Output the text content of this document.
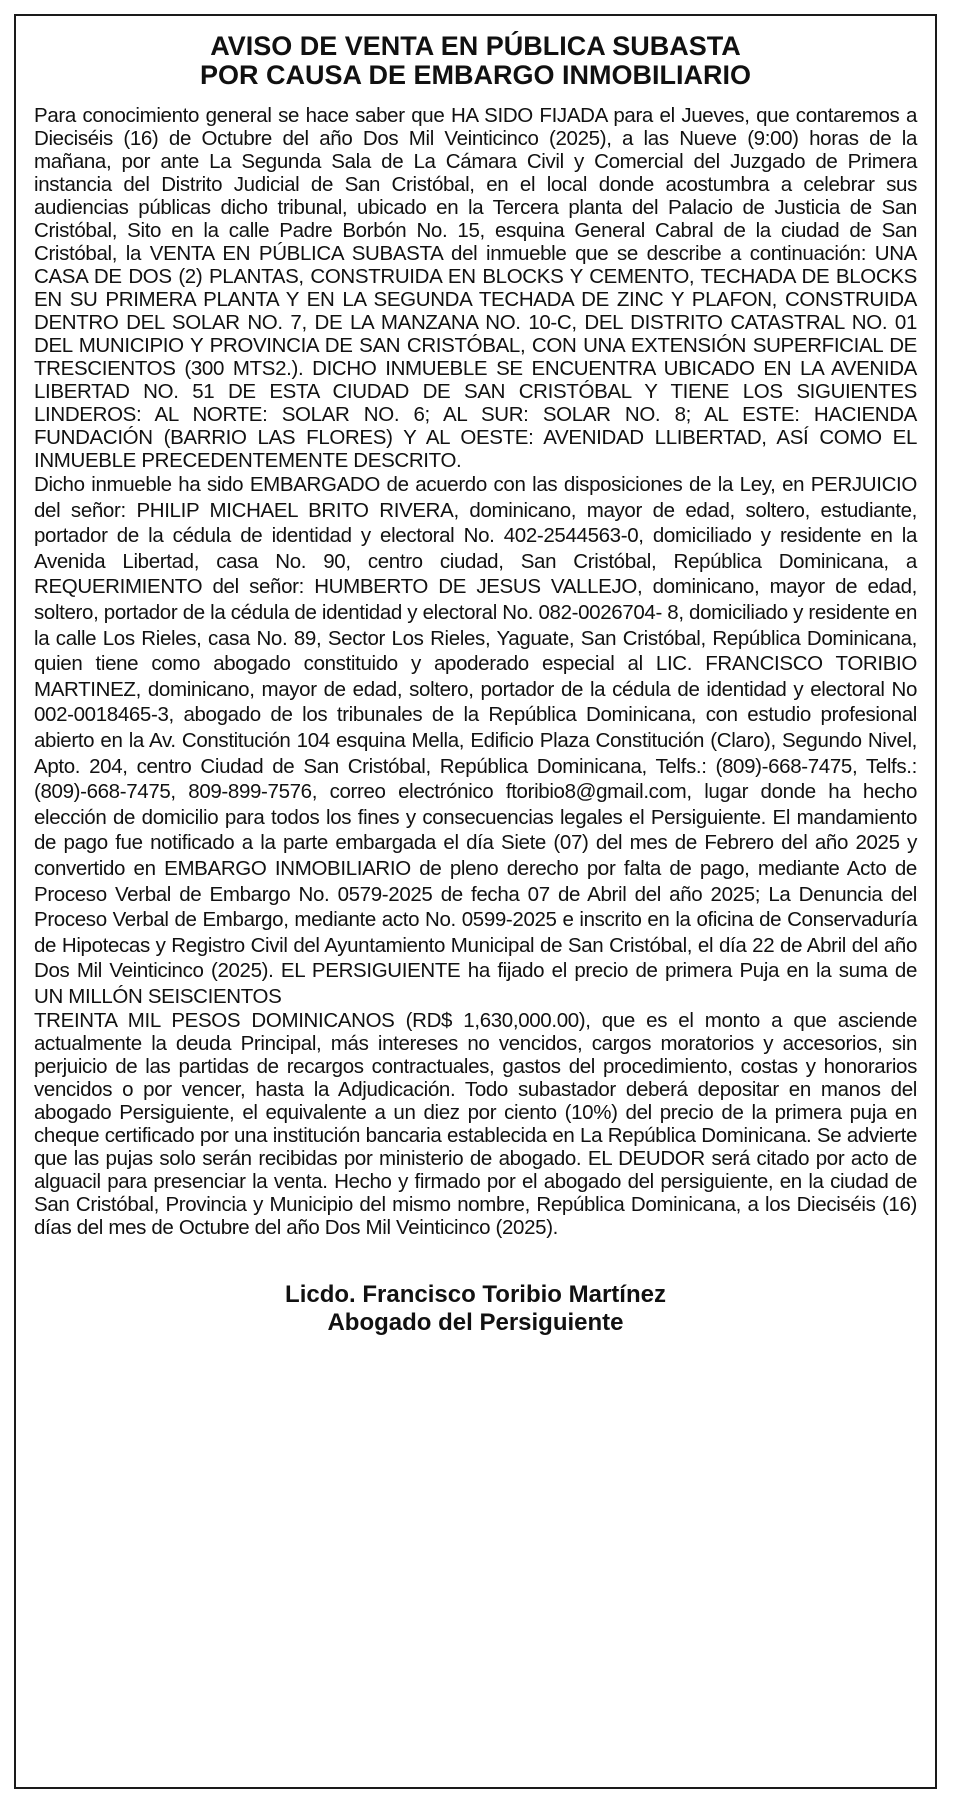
AVISO DE VENTA EN PÚBLICA SUBASTA
POR CAUSA DE EMBARGO INMOBILIARIO

Para conocimiento general se hace saber que HA SIDO FIJADA para el Jueves, que contaremos a Dieciséis (16) de Octubre del año Dos Mil Veinticinco (2025), a las Nueve (9:00) horas de la mañana, por ante La Segunda Sala de La Cámara Civil y Comercial del Juzgado de Primera instancia del Distrito Judicial de San Cristóbal, en el local donde acostumbra a celebrar sus audiencias públicas dicho tribunal, ubicado en la Tercera planta del Palacio de Justicia de San Cristóbal, Sito en la calle Padre Borbón No. 15, esquina General Cabral de la ciudad de San Cristóbal, la VENTA EN PÚBLICA SUBASTA del inmueble que se describe a continuación: UNA CASA DE DOS (2) PLANTAS, CONSTRUIDA EN BLOCKS Y CEMENTO, TECHADA DE BLOCKS EN SU PRIMERA PLANTA Y EN LA SEGUNDA TECHADA DE ZINC Y PLAFON, CONSTRUIDA DENTRO DEL SOLAR NO. 7, DE LA MANZANA NO. 10-C, DEL DISTRITO CATASTRAL NO. 01 DEL MUNICIPIO Y PROVINCIA DE SAN CRISTÓBAL, CON UNA EXTENSIÓN SUPERFICIAL DE TRESCIENTOS (300 MTS2.). DICHO INMUEBLE SE ENCUENTRA UBICADO EN LA AVENIDA LIBERTAD NO. 51 DE ESTA CIUDAD DE SAN CRISTÓBAL Y TIENE LOS SIGUIENTES LINDEROS: AL NORTE: SOLAR NO. 6; AL SUR: SOLAR NO. 8; AL ESTE: HACIENDA FUNDACIÓN (BARRIO LAS FLORES) Y AL OESTE: AVENIDAD LLIBERTAD, ASÍ COMO EL INMUEBLE PRECEDENTEMENTE DESCRITO.

Dicho inmueble ha sido EMBARGADO de acuerdo con las disposiciones de la Ley, en PERJUICIO del señor: PHILIP MICHAEL BRITO RIVERA, dominicano, mayor de edad, soltero, estudiante, portador de la cédula de identidad y electoral No. 402-2544563-0, domiciliado y residente en la Avenida Libertad, casa No. 90, centro ciudad, San Cristóbal, República Dominicana, a REQUERIMIENTO del señor: HUMBERTO DE JESUS VALLEJO, dominicano, mayor de edad, soltero, portador de la cédula de identidad y electoral No. 082-0026704- 8, domiciliado y residente en la calle Los Rieles, casa No. 89, Sector Los Rieles, Yaguate, San Cristóbal, República Dominicana, quien tiene como abogado constituido y apoderado especial al LIC. FRANCISCO TORIBIO MARTINEZ, dominicano, mayor de edad, soltero, portador de la cédula de identidad y electoral No 002-0018465-3, abogado de los tribunales de la República Dominicana, con estudio profesional abierto en la Av. Constitución 104 esquina Mella, Edificio Plaza Constitución (Claro), Segundo Nivel, Apto. 204, centro Ciudad de San Cristóbal, República Dominicana, Telfs.: (809)-668-7475, Telfs.: (809)-668-7475, 809-899-7576, correo electrónico ftoribio8@gmail.com, lugar donde ha hecho elección de domicilio para todos los fines y consecuencias legales el Persiguiente. El mandamiento de pago fue notificado a la parte embargada el día Siete (07) del mes de Febrero del año 2025 y convertido en EMBARGO INMOBILIARIO de pleno derecho por falta de pago, mediante Acto de Proceso Verbal de Embargo No. 0579-2025 de fecha 07 de Abril del año 2025; La Denuncia del Proceso Verbal de Embargo, mediante acto No. 0599-2025 e inscrito en la oficina de Conservaduría de Hipotecas y Registro Civil del Ayuntamiento Municipal de San Cristóbal, el día 22 de Abril del año Dos Mil Veinticinco (2025). EL PERSIGUIENTE ha fijado el precio de primera Puja en la suma de UN MILLÓN SEISCIENTOS

TREINTA MIL PESOS DOMINICANOS (RD$ 1,630,000.00), que es el monto a que asciende actualmente la deuda Principal, más intereses no vencidos, cargos moratorios y accesorios, sin perjuicio de las partidas de recargos contractuales, gastos del procedimiento, costas y honorarios vencidos o por vencer, hasta la Adjudicación. Todo subastador deberá depositar en manos del abogado Persiguiente, el equivalente a un diez por ciento (10%) del precio de la primera puja en cheque certificado por una institución bancaria establecida en La República Dominicana. Se advierte que las pujas solo serán recibidas por ministerio de abogado. EL DEUDOR será citado por acto de alguacil para presenciar la venta. Hecho y firmado por el abogado del persiguiente, en la ciudad de San Cristóbal, Provincia y Municipio del mismo nombre, República Dominicana, a los Dieciséis (16) días del mes de Octubre del año Dos Mil Veinticinco (2025).

Licdo. Francisco Toribio Martínez
Abogado del Persiguiente
